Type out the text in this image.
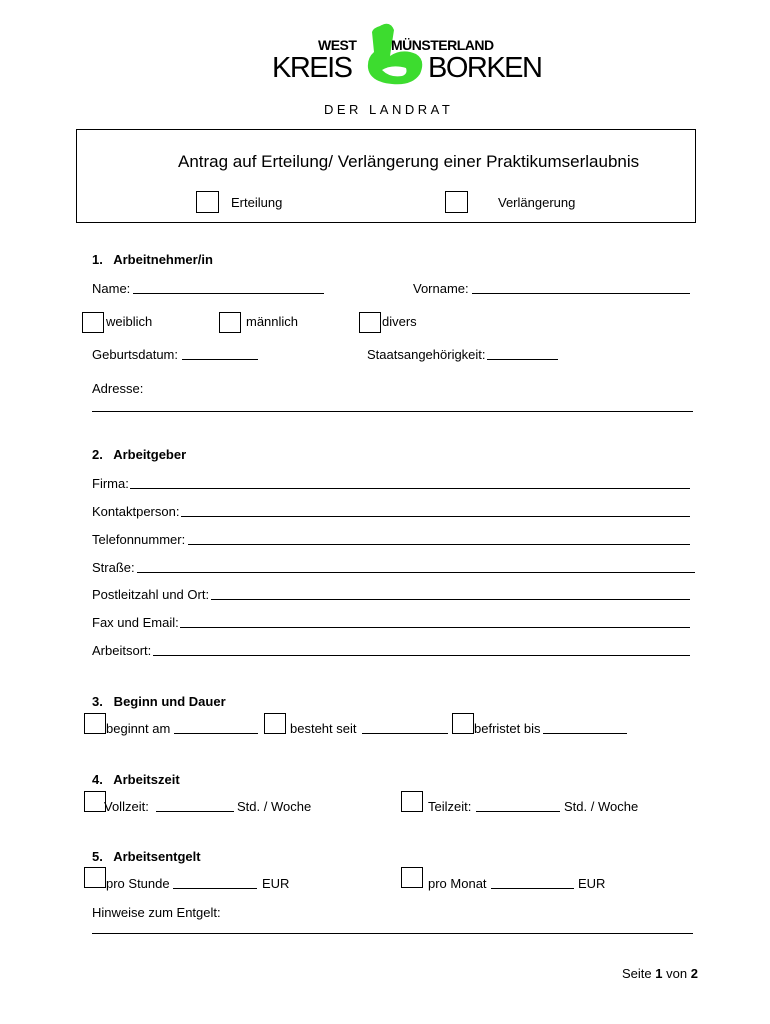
WEST MÜNSTERLAND
KREIS	BORKEN
DER LANDRAT
Antrag auf Erteilung/ Verlängerung einer Praktikumserlaubnis
Erteilung	Verlängerung
1.   Arbeitnehmer/in
Name:	Vorname:
weiblich	männlich	divers
Geburtsdatum:	Staatsangehörigkeit:
Adresse:
2.   Arbeitgeber
Firma:
Kontaktperson:
Telefonnummer:
Straße:
Postleitzahl und Ort:
Fax und Email:
Arbeitsort:
3.   Beginn und Dauer
beginnt am	besteht seit	befristet bis
4.   Arbeitszeit
Vollzeit:	Std. / Woche	Teilzeit:	Std. / Woche
5.   Arbeitsentgelt
pro Stunde	EUR	pro Monat	EUR
Hinweise zum Entgelt:
Seite 1 von 2
